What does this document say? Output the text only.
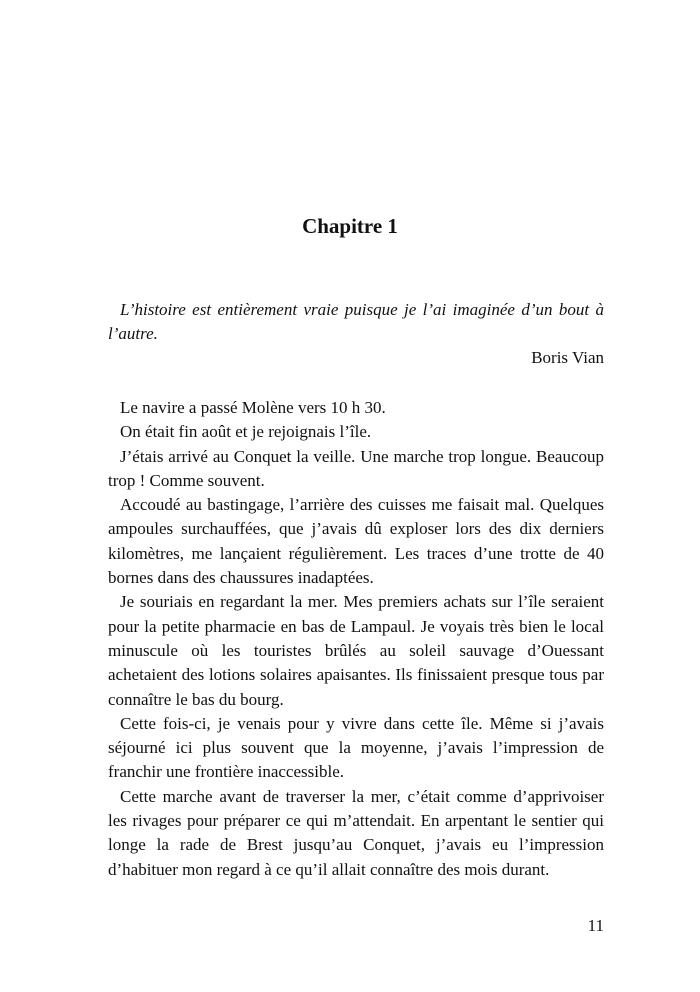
Chapitre 1

L’histoire est entièrement vraie puisque je l’ai imaginée d’un bout à l’autre.

Boris Vian

Le navire a passé Molène vers 10 h 30.

On était fin août et je rejoignais l’île.

J’étais arrivé au Conquet la veille. Une marche trop longue. Beaucoup trop ! Comme souvent.

Accoudé au bastingage, l’arrière des cuisses me faisait mal. Quelques ampoules surchauffées, que j’avais dû exploser lors des dix derniers kilomètres, me lançaient régulièrement. Les traces d’une trotte de 40 bornes dans des chaussures inadaptées.

Je souriais en regardant la mer. Mes premiers achats sur l’île seraient pour la petite pharmacie en bas de Lampaul. Je voyais très bien le local minuscule où les touristes brûlés au soleil sauvage d’Ouessant achetaient des lotions solaires apaisantes. Ils finissaient presque tous par connaître le bas du bourg.

Cette fois-ci, je venais pour y vivre dans cette île. Même si j’avais séjourné ici plus souvent que la moyenne, j’avais l’impression de franchir une frontière inaccessible.

Cette marche avant de traverser la mer, c’était comme d’apprivoiser les rivages pour préparer ce qui m’attendait. En arpentant le sentier qui longe la rade de Brest jusqu’au Conquet, j’avais eu l’impression d’habituer mon regard à ce qu’il allait connaître des mois durant.

11
